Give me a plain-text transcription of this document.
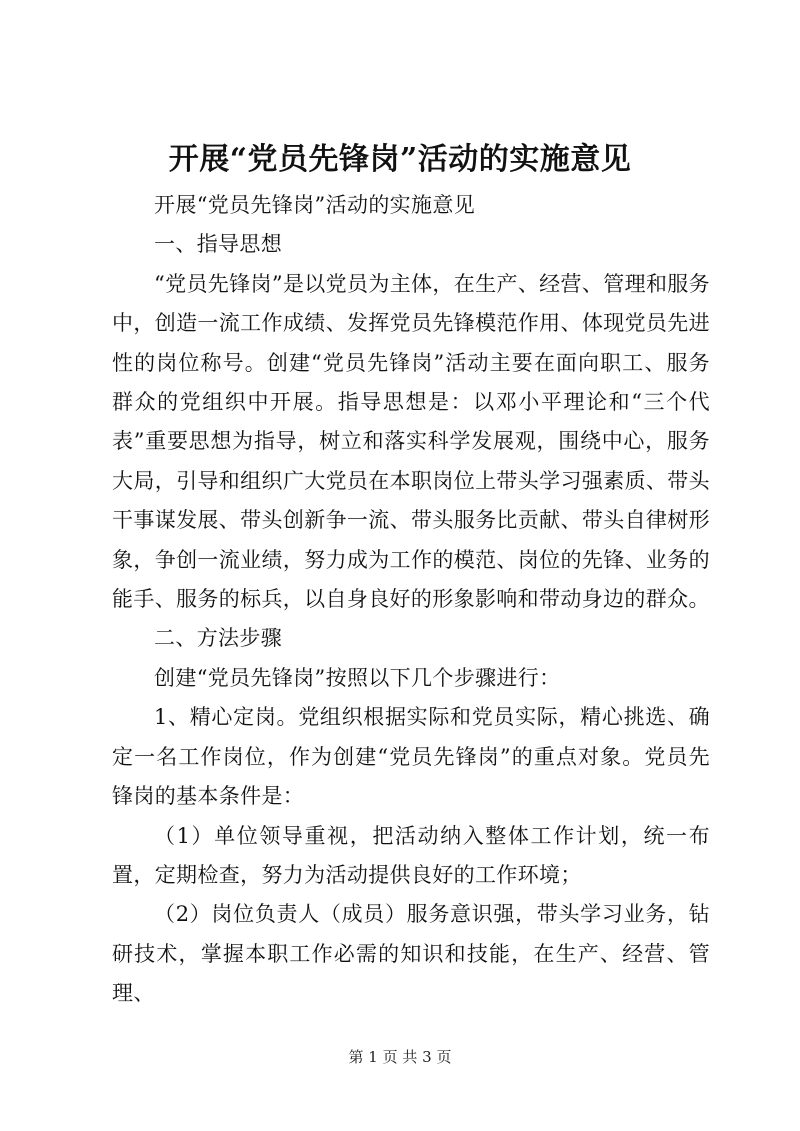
开展“党员先锋岗”活动的实施意见

开展“党员先锋岗”活动的实施意见

一、指导思想

“党员先锋岗”是以党员为主体，在生产、经营、管理和服务中，创造一流工作成绩、发挥党员先锋模范作用、体现党员先进性的岗位称号。创建“党员先锋岗”活动主要在面向职工、服务群众的党组织中开展。指导思想是：以邓小平理论和“三个代表”重要思想为指导，树立和落实科学发展观，围绕中心，服务大局，引导和组织广大党员在本职岗位上带头学习强素质、带头干事谋发展、带头创新争一流、带头服务比贡献、带头自律树形象，争创一流业绩，努力成为工作的模范、岗位的先锋、业务的能手、服务的标兵，以自身良好的形象影响和带动身边的群众。

二、方法步骤

创建“党员先锋岗”按照以下几个步骤进行：

1、精心定岗。党组织根据实际和党员实际，精心挑选、确定一名工作岗位，作为创建“党员先锋岗”的重点对象。党员先锋岗的基本条件是：

（1）单位领导重视，把活动纳入整体工作计划，统一布置，定期检查，努力为活动提供良好的工作环境；

（2）岗位负责人（成员）服务意识强，带头学习业务，钻研技术，掌握本职工作必需的知识和技能，在生产、经营、管理、

第 1 页 共 3 页
